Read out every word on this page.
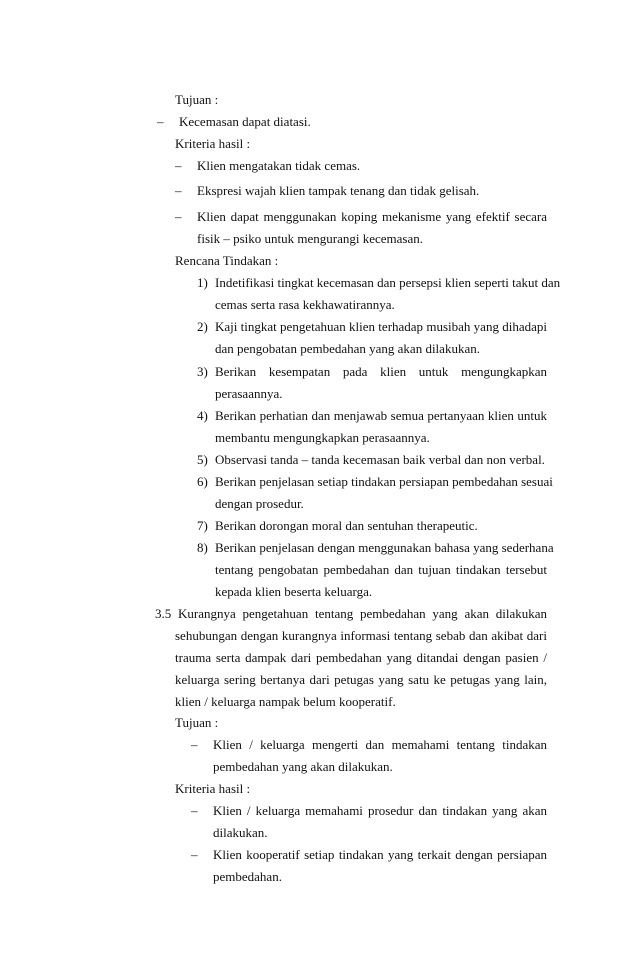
Tujuan :
– Kecemasan dapat diatasi.
Kriteria hasil :
– Klien mengatakan tidak cemas.
– Ekspresi wajah klien tampak tenang dan tidak gelisah.
– Klien dapat menggunakan koping mekanisme yang efektif secara
fisik – psiko untuk mengurangi kecemasan.
Rencana Tindakan :
1) Indetifikasi tingkat kecemasan dan persepsi klien seperti takut dan
cemas serta rasa kekhawatirannya.
2) Kaji tingkat pengetahuan klien terhadap musibah yang dihadapi
dan pengobatan pembedahan yang akan dilakukan.
3) Berikan kesempatan pada klien untuk mengungkapkan
perasaannya.
4) Berikan perhatian dan menjawab semua pertanyaan klien untuk
membantu mengungkapkan perasaannya.
5) Observasi tanda – tanda kecemasan baik verbal dan non verbal.
6) Berikan penjelasan setiap tindakan persiapan pembedahan sesuai
dengan prosedur.
7) Berikan dorongan moral dan sentuhan therapeutic.
8) Berikan penjelasan dengan menggunakan bahasa yang sederhana
tentang pengobatan pembedahan dan tujuan tindakan tersebut
kepada klien beserta keluarga.
3.5 Kurangnya pengetahuan tentang pembedahan yang akan dilakukan
sehubungan dengan kurangnya informasi tentang sebab dan akibat dari
trauma serta dampak dari pembedahan yang ditandai dengan pasien /
keluarga sering bertanya dari petugas yang satu ke petugas yang lain,
klien / keluarga nampak belum kooperatif.
Tujuan :
– Klien / keluarga mengerti dan memahami tentang tindakan
pembedahan yang akan dilakukan.
Kriteria hasil :
– Klien / keluarga memahami prosedur dan tindakan yang akan
dilakukan.
– Klien kooperatif setiap tindakan yang terkait dengan persiapan
pembedahan.
